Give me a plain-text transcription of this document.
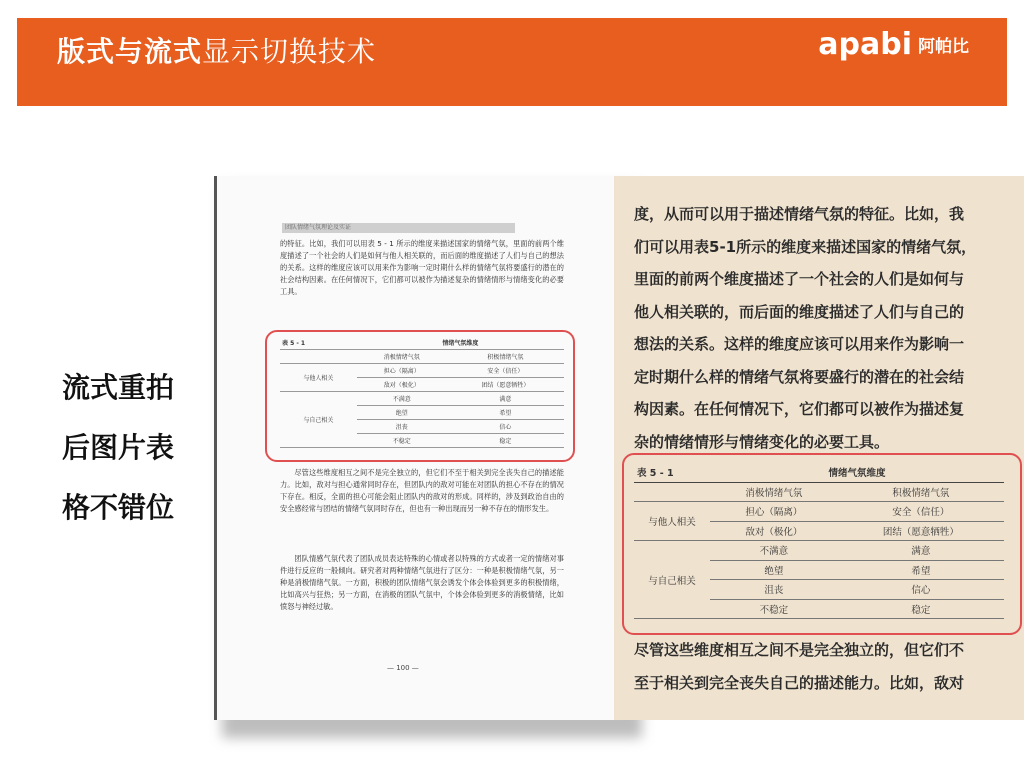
版式与流式显示切换技术	apabi 阿帕比
流式重拍
后图片表
格不错位
团队情绪气氛理论及实证
的特征。比如，我们可以用表 5 - 1 所示的维度来描述国家的情绪气氛，里面的前两个维度描述了一个社会的人们是如何与他人相关联的，而后面的维度描述了人们与自己的想法的关系。这样的维度应该可以用来作为影响一定时期什么样的情绪气氛将要盛行的潜在的社会结构因素。在任何情况下，它们都可以被作为描述复杂的情绪情形与情绪变化的必要工具。
表 5 - 1	情绪气氛维度	
	消极情绪气氛	积极情绪气氛
与他人相关	担心（隔离）	安全（信任）
	敌对（极化）	团结（愿意牺牲）
与自己相关	不满意	满意
	绝望	希望
	沮丧	信心
	不稳定	稳定
尽管这些维度相互之间不是完全独立的，但它们不至于相关到完全丧失自己的描述能力。比如，敌对与担心通常同时存在，但团队内的敌对可能在对团队的担心不存在的情况下存在。相反，全面的担心可能会阻止团队内的敌对的形成。同样的，涉及到政治自由的安全感经常与团结的情绪气氛同时存在，但也有一种出现而另一种不存在的情形发生。
团队情感气氛代表了团队成员表达特殊的心情或者以特殊的方式或者一定的情绪对事件进行反应的一般倾向。研究者对两种情绪气氛进行了区分：一种是积极情绪气氛，另一种是消极情绪气氛。一方面，积极的团队情绪气氛会诱发个体会体验到更多的积极情绪，比如高兴与狂热；另一方面，在消极的团队气氛中，个体会体验到更多的消极情绪，比如愤怒与神经过敏。
— 100 —
度，从而可以用于描述情绪气氛的特征。比如，我
们可以用表5-1所示的维度来描述国家的情绪气氛，
里面的前两个维度描述了一个社会的人们是如何与
他人相关联的，而后面的维度描述了人们与自己的
想法的关系。这样的维度应该可以用来作为影响一
定时期什么样的情绪气氛将要盛行的潜在的社会结
构因素。在任何情况下，它们都可以被作为描述复
杂的情绪情形与情绪变化的必要工具。
表 5 - 1	情绪气氛维度	
	消极情绪气氛	积极情绪气氛
与他人相关	担心（隔离）	安全（信任）
	敌对（极化）	团结（愿意牺牲）
与自己相关	不满意	满意
	绝望	希望
	沮丧	信心
	不稳定	稳定
尽管这些维度相互之间不是完全独立的，但它们不
至于相关到完全丧失自己的描述能力。比如，敌对
